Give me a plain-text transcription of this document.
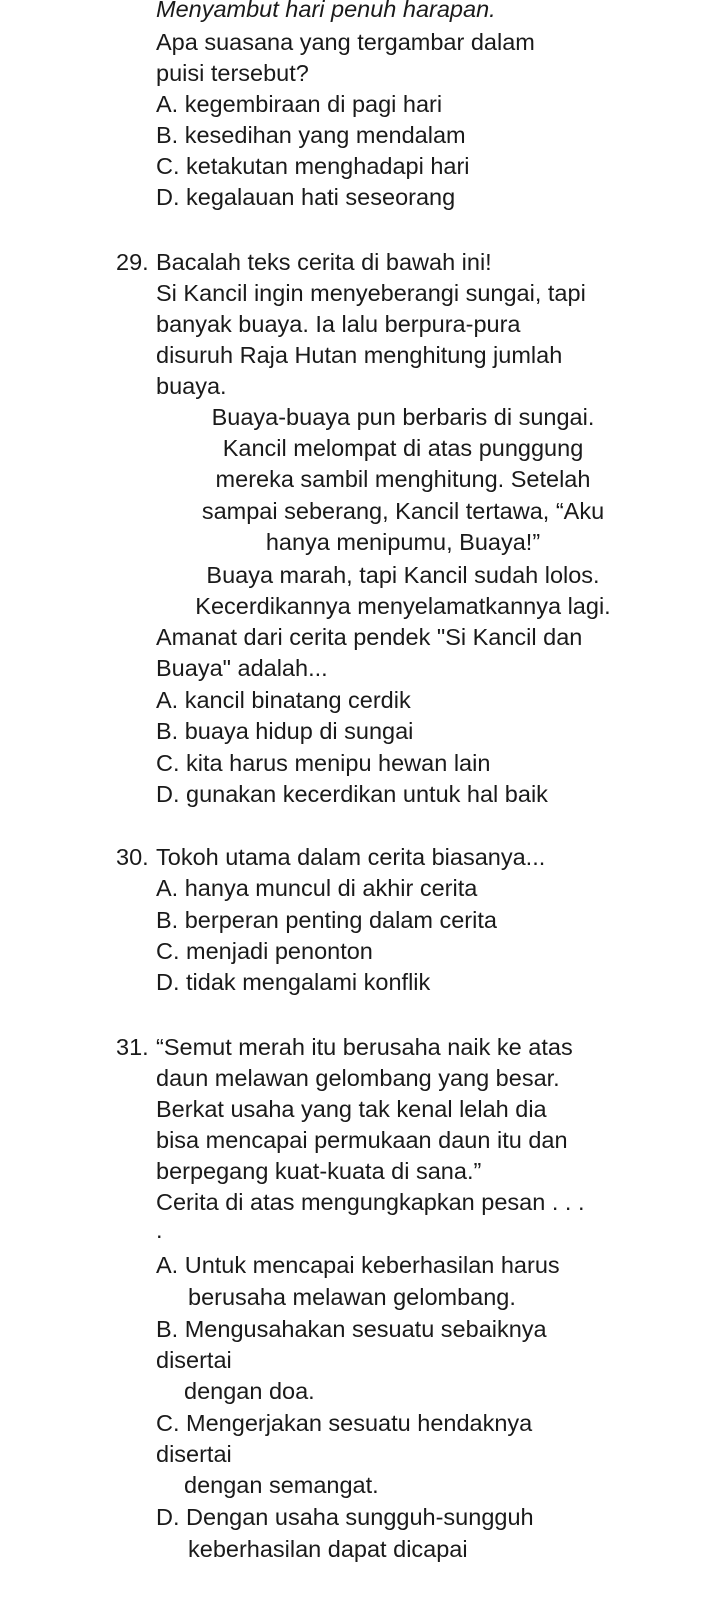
Menyambut hari penuh harapan.
Apa suasana yang tergambar dalam
puisi tersebut?
A. kegembiraan di pagi hari
B. kesedihan yang mendalam
C. ketakutan menghadapi hari
D. kegalauan hati seseorang
29. Bacalah teks cerita di bawah ini!
Si Kancil ingin menyeberangi sungai, tapi
banyak buaya. Ia lalu berpura-pura
disuruh Raja Hutan menghitung jumlah
buaya.
Buaya-buaya pun berbaris di sungai.
Kancil melompat di atas punggung
mereka sambil menghitung. Setelah
sampai seberang, Kancil tertawa, “Aku
hanya menipumu, Buaya!”
Buaya marah, tapi Kancil sudah lolos.
Kecerdikannya menyelamatkannya lagi.
Amanat dari cerita pendek "Si Kancil dan
Buaya" adalah...
A. kancil binatang cerdik
B. buaya hidup di sungai
C. kita harus menipu hewan lain
D. gunakan kecerdikan untuk hal baik
30. Tokoh utama dalam cerita biasanya...
A. hanya muncul di akhir cerita
B. berperan penting dalam cerita
C. menjadi penonton
D. tidak mengalami konflik
31. “Semut merah itu berusaha naik ke atas
daun melawan gelombang yang besar.
Berkat usaha yang tak kenal lelah dia
bisa mencapai permukaan daun itu dan
berpegang kuat-kuata di sana.”
Cerita di atas mengungkapkan pesan . . .
.
A. Untuk mencapai keberhasilan harus
berusaha melawan gelombang.
B. Mengusahakan sesuatu sebaiknya
disertai
dengan doa.
C. Mengerjakan sesuatu hendaknya
disertai
dengan semangat.
D. Dengan usaha sungguh-sungguh
keberhasilan dapat dicapai
